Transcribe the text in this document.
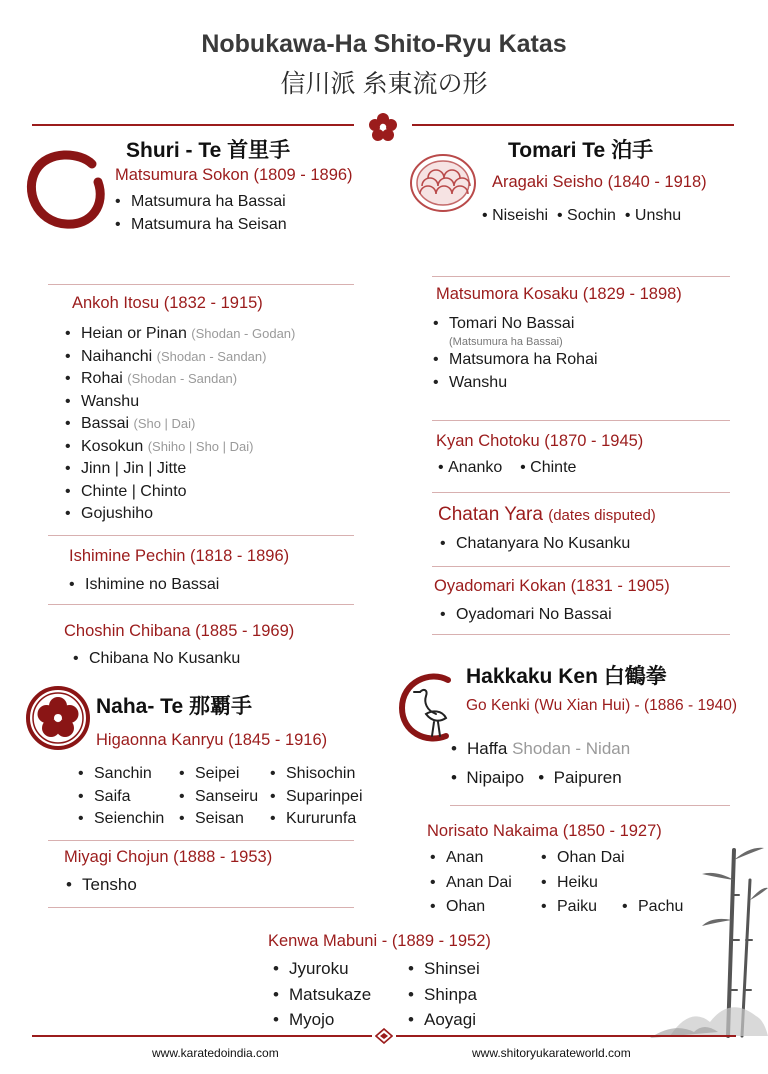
Nobukawa-Ha Shito-Ryu Katas
信川派 糸東流の形
Shuri - Te 首里手
Matsumura Sokon (1809 - 1896)
• Matsumura ha Bassai
• Matsumura ha Seisan
Tomari Te 泊手
Aragaki Seisho (1840 - 1918)
• Niseishi • Sochin • Unshu
Ankoh Itosu (1832 - 1915)
• Heian or Pinan (Shodan - Godan)
• Naihanchi (Shodan - Sandan)
• Rohai (Shodan - Sandan)
• Wanshu
• Bassai (Sho | Dai)
• Kosokun (Shiho | Sho | Dai)
• Jinn | Jin | Jitte
• Chinte | Chinto
• Gojushiho
Matsumora Kosaku (1829 - 1898)
• Tomari No Bassai
(Matsumura ha Bassai)
• Matsumora ha Rohai
• Wanshu
Kyan Chotoku (1870 - 1945)
• Ananko • Chinte
Chatan Yara (dates disputed)
• Chatanyara No Kusanku
Ishimine Pechin (1818 - 1896)
• Ishimine no Bassai	Oyadomari Kokan (1831 - 1905)
• Oyadomari No Bassai
Choshin Chibana (1885 - 1969)
• Chibana No Kusanku
Hakkaku Ken 白鶴拳
Go Kenki (Wu Xian Hui) - (1886 - 1940)
• Haffa Shodan - Nidan
• Nipaipo • Paipuren
Naha- Te 那覇手
Higaonna Kanryu (1845 - 1916)
• Sanchin
• Saifa
• Seienchin
• Seipei
• Sanseiru
• Seisan
• Shisochin
• Suparinpei
• Kururunfa
Miyagi Chojun (1888 - 1953)
• Tensho
Norisato Nakaima (1850 - 1927)
• Anan
• Anan Dai
• Ohan
• Ohan Dai
• Heiku
• Paiku
•	Pachu
Kenwa Mabuni - (1889 - 1952)
• Jyuroku
• Matsukaze
• Myojo
• Shinsei
• Shinpa
• Aoyagi
www.karatedoindia.com	www.shitoryukarateworld.com
